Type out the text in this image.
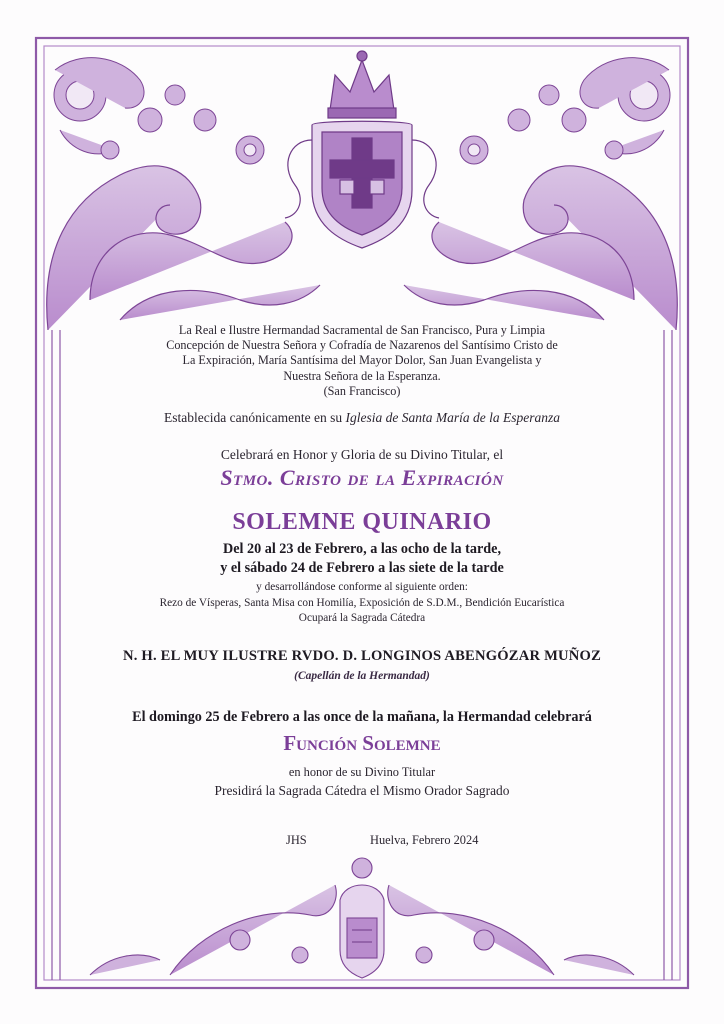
La Real e Ilustre Hermandad Sacramental de San Francisco, Pura y Limpia
Concepción de Nuestra Señora y Cofradía de Nazarenos del Santísimo Cristo de
La Expiración, María Santísima del Mayor Dolor, San Juan Evangelista y
Nuestra Señora de la Esperanza.
(San Francisco)
Establecida canónicamente en su Iglesia de Santa María de la Esperanza
Celebrará en Honor y Gloria de su Divino Titular, el
Stmo. Cristo de la Expiración
SOLEMNE QUINARIO
Del 20 al 23 de Febrero, a las ocho de la tarde,
y el sábado 24 de Febrero a las siete de la tarde
y desarrollándose conforme al siguiente orden:
Rezo de Vísperas, Santa Misa con Homilía, Exposición de S.D.M., Bendición Eucarística
Ocupará la Sagrada Cátedra
N. H. EL MUY ILUSTRE RVDO. D. LONGINOS ABENGÓZAR MUÑOZ
(Capellán de la Hermandad)
El domingo 25 de Febrero a las once de la mañana, la Hermandad celebrará
Función Solemne
en honor de su Divino Titular
Presidirá la Sagrada Cátedra el Mismo Orador Sagrado
JHS	Huelva, Febrero 2024
